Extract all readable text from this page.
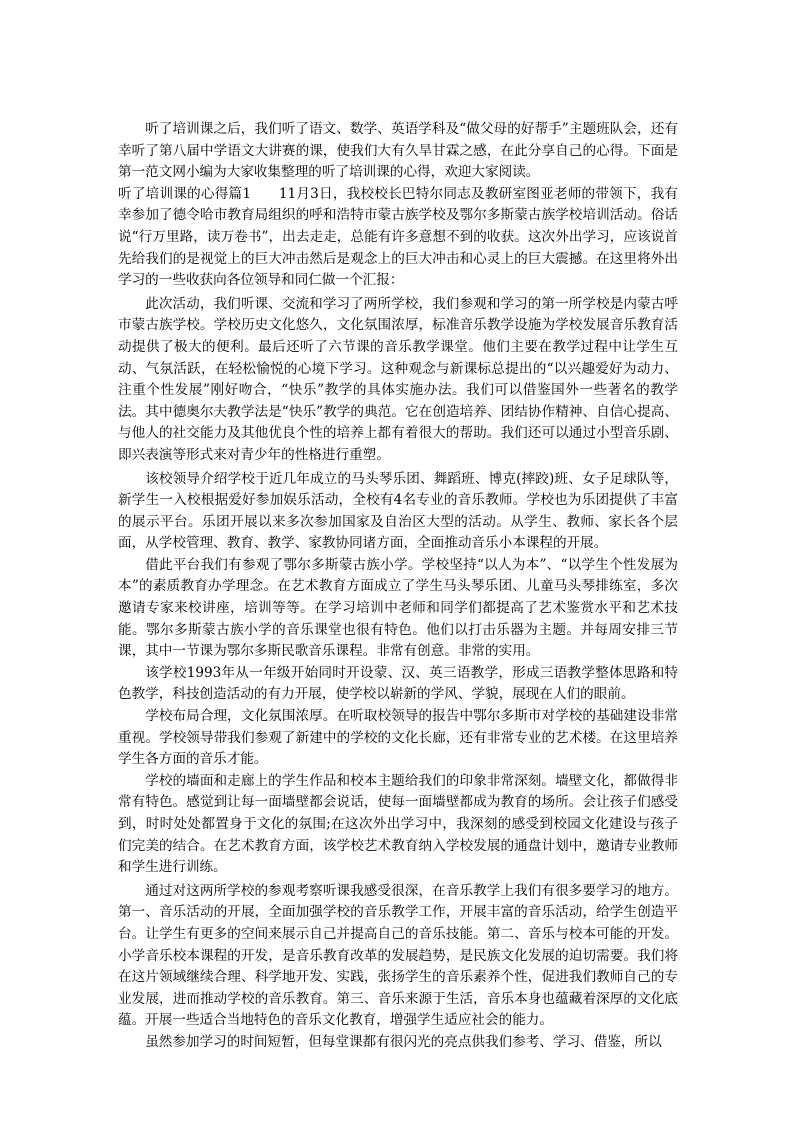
听了培训课之后，我们听了语文、数学、英语学科及“做父母的好帮手”主题班队会，还有幸听了第八届中学语文大讲赛的课，使我们大有久旱甘霖之感，在此分享自己的心得。下面是第一范文网小编为大家收集整理的听了培训课的心得，欢迎大家阅读。

听了培训课的心得篇1　　11月3日，我校校长巴特尔同志及教研室图亚老师的带领下，我有幸参加了德令哈市教育局组织的呼和浩特市蒙古族学校及鄂尔多斯蒙古族学校培训活动。俗话说“行万里路，读万卷书”，出去走走，总能有许多意想不到的收获。这次外出学习，应该说首先给我们的是视觉上的巨大冲击然后是观念上的巨大冲击和心灵上的巨大震撼。在这里将外出学习的一些收获向各位领导和同仁做一个汇报：

此次活动，我们听课、交流和学习了两所学校，我们参观和学习的第一所学校是内蒙古呼市蒙古族学校。学校历史文化悠久，文化氛围浓厚，标准音乐教学设施为学校发展音乐教育活动提供了极大的便利。最后还听了六节课的音乐教学课堂。他们主要在教学过程中让学生互动、气氛活跃，在轻松愉悦的心境下学习。这种观念与新课标总提出的“以兴趣爱好为动力、注重个性发展”刚好吻合，“快乐”教学的具体实施办法。我们可以借鉴国外一些著名的教学法。其中德奥尔夫教学法是“快乐”教学的典范。它在创造培养、团结协作精神、自信心提高、与他人的社交能力及其他优良个性的培养上都有着很大的帮助。我们还可以通过小型音乐剧、即兴表演等形式来对青少年的性格进行重塑。

该校领导介绍学校于近几年成立的马头琴乐团、舞蹈班、博克(摔跤)班、女子足球队等，新学生一入校根据爱好参加娱乐活动，全校有4名专业的音乐教师。学校也为乐团提供了丰富的展示平台。乐团开展以来多次参加国家及自治区大型的活动。从学生、教师、家长各个层面，从学校管理、教育、教学、家教协同诸方面，全面推动音乐小本课程的开展。

借此平台我们有参观了鄂尔多斯蒙古族小学。学校坚持“以人为本”、“以学生个性发展为本”的素质教育办学理念。在艺术教育方面成立了学生马头琴乐团、儿童马头琴排练室，多次邀请专家来校讲座，培训等等。在学习培训中老师和同学们都提高了艺术鉴赏水平和艺术技能。鄂尔多斯蒙古族小学的音乐课堂也很有特色。他们以打击乐器为主题。并每周安排三节课，其中一节课为鄂尔多斯民歌音乐课程。非常有创意。非常的实用。

该学校1993年从一年级开始同时开设蒙、汉、英三语教学，形成三语教学整体思路和特色教学，科技创造活动的有力开展，使学校以崭新的学风、学貌，展现在人们的眼前。

学校布局合理，文化氛围浓厚。在听取校领导的报告中鄂尔多斯市对学校的基础建设非常重视。学校领导带我们参观了新建中的学校的文化长廊，还有非常专业的艺术楼。在这里培养学生各方面的音乐才能。

学校的墙面和走廊上的学生作品和校本主题给我们的印象非常深刻。墙壁文化，都做得非常有特色。感觉到让每一面墙壁都会说话，使每一面墙壁都成为教育的场所。会让孩子们感受到，时时处处都置身于文化的氛围;在这次外出学习中，我深刻的感受到校园文化建设与孩子们完美的结合。在艺术教育方面，该学校艺术教育纳入学校发展的通盘计划中，邀请专业教师和学生进行训练。

通过对这两所学校的参观考察听课我感受很深，在音乐教学上我们有很多要学习的地方。第一、音乐活动的开展，全面加强学校的音乐教学工作，开展丰富的音乐活动，给学生创造平台。让学生有更多的空间来展示自己并提高自己的音乐技能。第二、音乐与校本可能的开发。小学音乐校本课程的开发，是音乐教育改革的发展趋势，是民族文化发展的迫切需要。我们将在这片领域继续合理、科学地开发、实践，张扬学生的音乐素养个性，促进我们教师自己的专业发展，进而推动学校的音乐教育。第三、音乐来源于生活，音乐本身也蕴藏着深厚的文化底蕴。开展一些适合当地特色的音乐文化教育，增强学生适应社会的能力。

虽然参加学习的时间短暂，但每堂课都有很闪光的亮点供我们参考、学习、借鉴，所以
